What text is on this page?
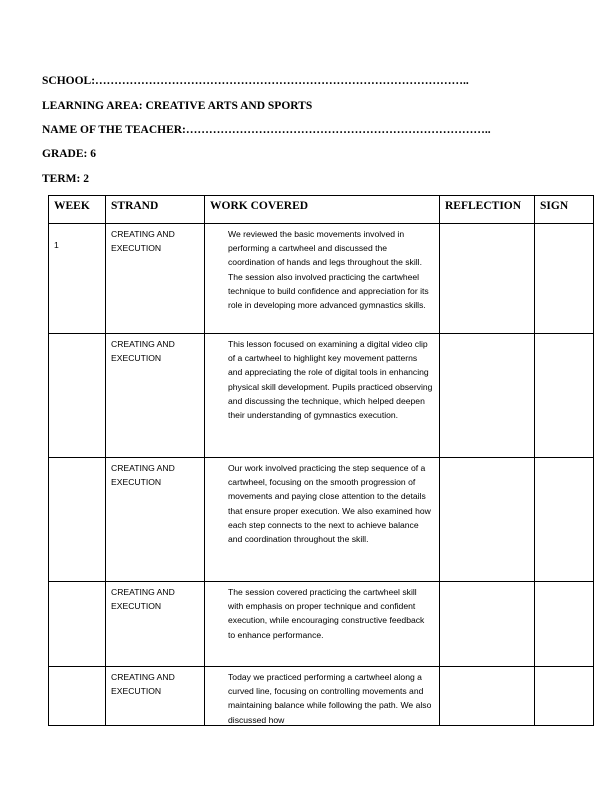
SCHOOL:……………………………………………………………………………………..
LEARNING AREA: CREATIVE ARTS AND SPORTS
NAME OF THE TEACHER:……………………………………………………………………..
GRADE: 6
TERM: 2
WEEK	STRAND	WORK COVERED	REFLECTION	SIGN

1	CREATING AND EXECUTION	We reviewed the basic movements involved in performing a cartwheel and discussed the coordination of hands and legs throughout the skill. The session also involved practicing the cartwheel technique to build confidence and appreciation for its role in developing more advanced gymnastics skills.		

	CREATING AND EXECUTION	This lesson focused on examining a digital video clip of a cartwheel to highlight key movement patterns and appreciating the role of digital tools in enhancing physical skill development. Pupils practiced observing and discussing the technique, which helped deepen their understanding of gymnastics execution.		

	CREATING AND EXECUTION	Our work involved practicing the step sequence of a cartwheel, focusing on the smooth progression of movements and paying close attention to the details that ensure proper execution. We also examined how each step connects to the next to achieve balance and coordination throughout the skill.		

	CREATING AND EXECUTION	The session covered practicing the cartwheel skill with emphasis on proper technique and confident execution, while encouraging constructive feedback to enhance performance.		

	CREATING AND EXECUTION	Today we practiced performing a cartwheel along a curved line, focusing on controlling movements and maintaining balance while following the path. We also discussed how		
